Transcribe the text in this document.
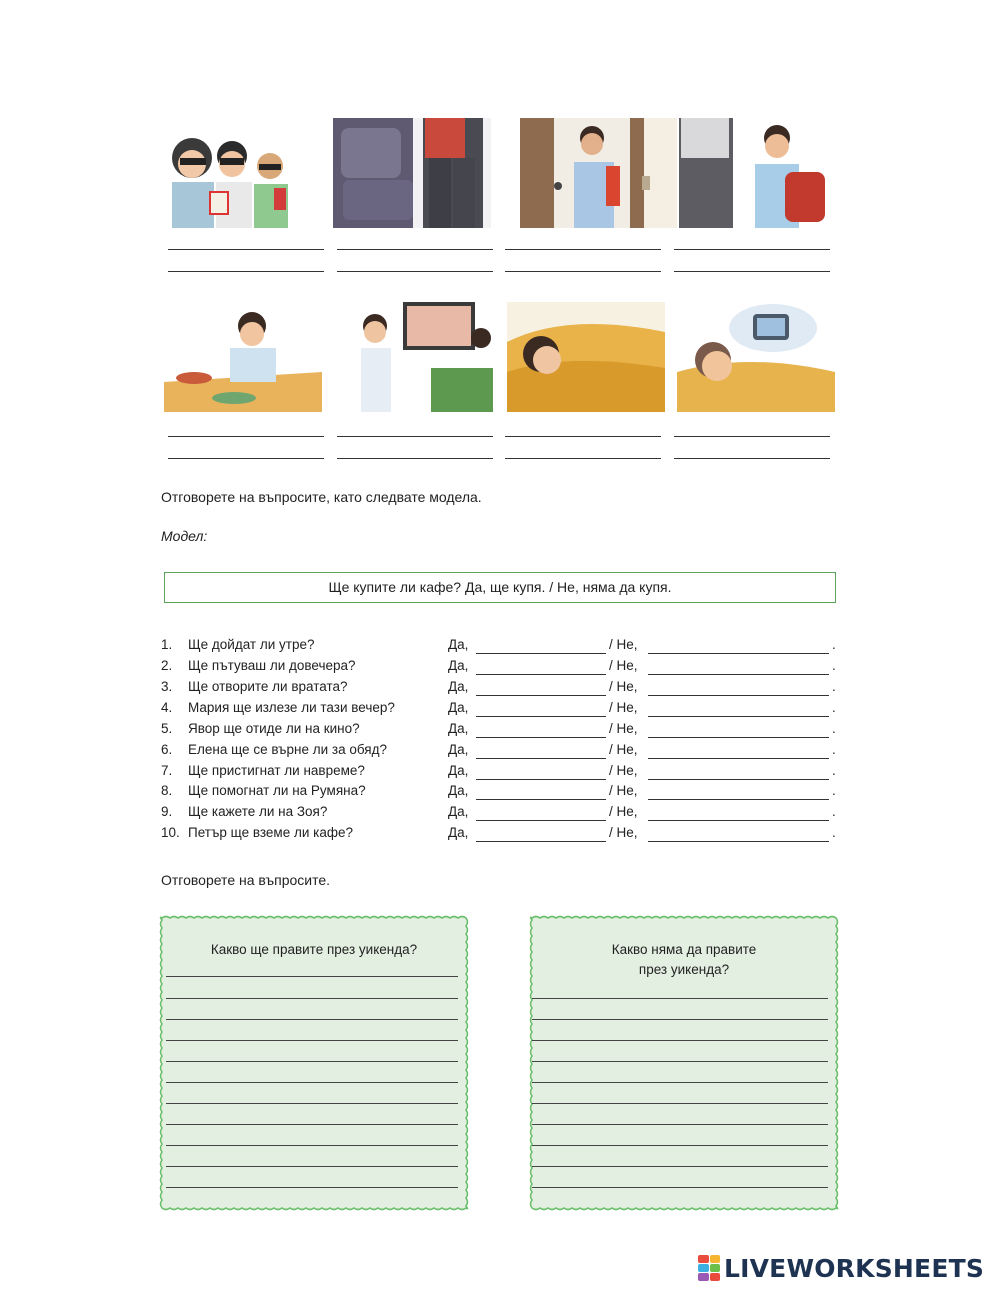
Отговорете на въпросите, като следвате модела.
Модел:
Ще купите ли кафе? Да, ще купя. / Не, няма да купя.
1.	Ще дойдат ли утре?	Да,	/ Не,	.
2.	Ще пътуваш ли довечера?	Да,	/ Не,	.
3.	Ще отворите ли вратата?	Да,	/ Не,	.
4.	Мария ще излезе ли тази вечер?	Да,	/ Не,	.
5.	Явор ще отиде ли на кино?	Да,	/ Не,	.
6.	Елена ще се върне ли за обяд?	Да,	/ Не,	.
7.	Ще пристигнат ли навреме?	Да,	/ Не,	.
8.	Ще помогнат ли на Румяна?	Да,	/ Не,	.
9.	Ще кажете ли на Зоя?	Да,	/ Не,	.
10. Петър ще вземе ли кафе?	Да,	/ Не,	.
Отговорете на въпросите.
Какво ще правите през уикенда?	Какво няма да правите
през уикенда?
LIVEWORKSHEETS
